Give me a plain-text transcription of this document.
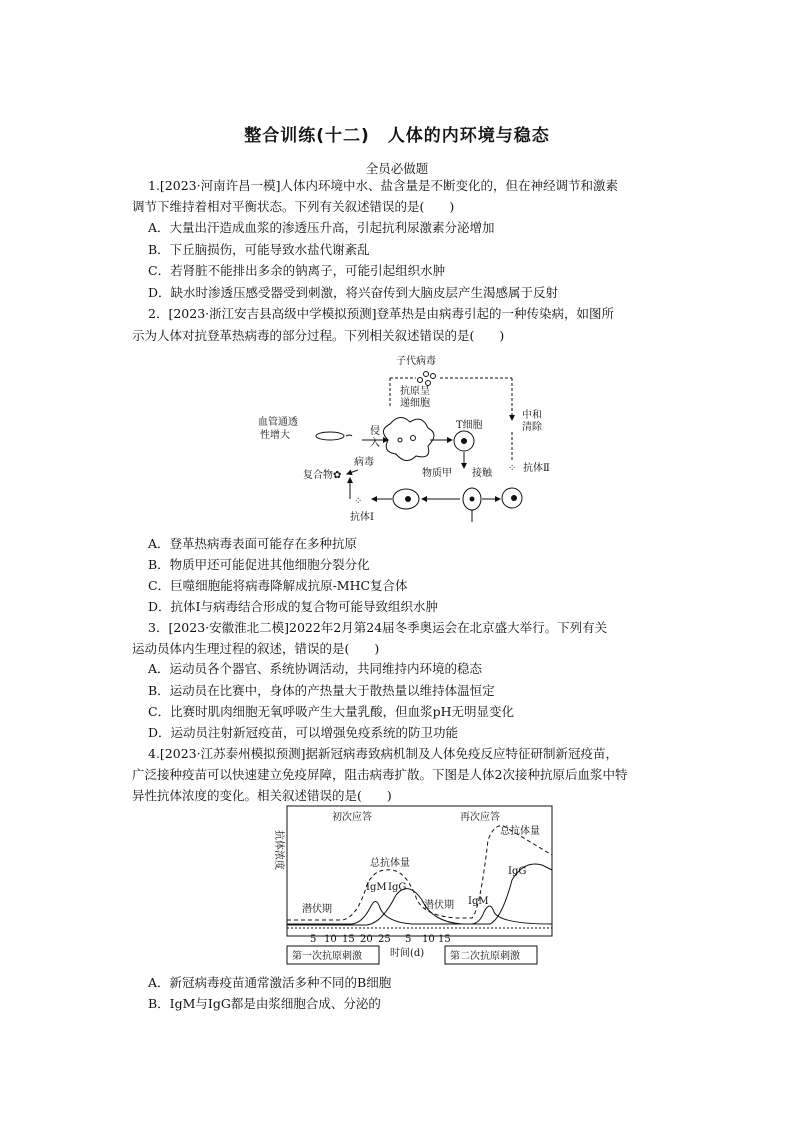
整合训练(十二)　人体的内环境与稳态
全员必做题
1.[2023·河南许昌一模]人体内环境中水、盐含量是不断变化的，但在神经调节和激素
调节下维持着相对平衡状态。下列有关叙述错误的是(　　)
A．大量出汗造成血浆的渗透压升高，引起抗利尿激素分泌增加
B．下丘脑损伤，可能导致水盐代谢紊乱
C．若肾脏不能排出多余的钠离子，可能引起组织水肿
D．缺水时渗透压感受器受到刺激，将兴奋传到大脑皮层产生渴感属于反射
2．[2023·浙江安吉县高级中学模拟预测]登革热是由病毒引起的一种传染病，如图所
示为人体对抗登革热病毒的部分过程。下列相关叙述错误的是(　　)
子代病毒
抗原呈
递细胞
中和
清除
血管通透
性增大	侵
入
T细胞
病毒
复合物 ✿	物质甲 接触 ⁘ 抗体Ⅱ
⁘
抗体Ⅰ
A．登革热病毒表面可能存在多种抗原
B．物质甲还可能促进其他细胞分裂分化
C．巨噬细胞能将病毒降解成抗原-MHC复合体
D．抗体Ⅰ与病毒结合形成的复合物可能导致组织水肿
3．[2023·安徽淮北二模]2022年2月第24届冬季奥运会在北京盛大举行。下列有关
运动员体内生理过程的叙述，错误的是(　　)
A．运动员各个器官、系统协调活动，共同维持内环境的稳态
B．运动员在比赛中，身体的产热量大于散热量以维持体温恒定
C．比赛时肌肉细胞无氧呼吸产生大量乳酸，但血浆pH无明显变化
D．运动员注射新冠疫苗，可以增强免疫系统的防卫功能
4.[2023·江苏泰州模拟预测]据新冠病毒致病机制及人体免疫反应特征研制新冠疫苗，
广泛接种疫苗可以快速建立免疫屏障，阻击病毒扩散。下图是人体2次接种抗原后血浆中特
异性抗体浓度的变化。相关叙述错误的是(　　)
抗体浓度
初次应答	再次应答
总抗体量
总抗体量
潜伏期	潜伏期
IgM IgG
IgM
IgG
5 10 15 20 25 5 10 15
时间(d)
第一次抗原刺激	第二次抗原刺激
A．新冠病毒疫苗通常激活多种不同的B细胞
B．IgM与IgG都是由浆细胞合成、分泌的
